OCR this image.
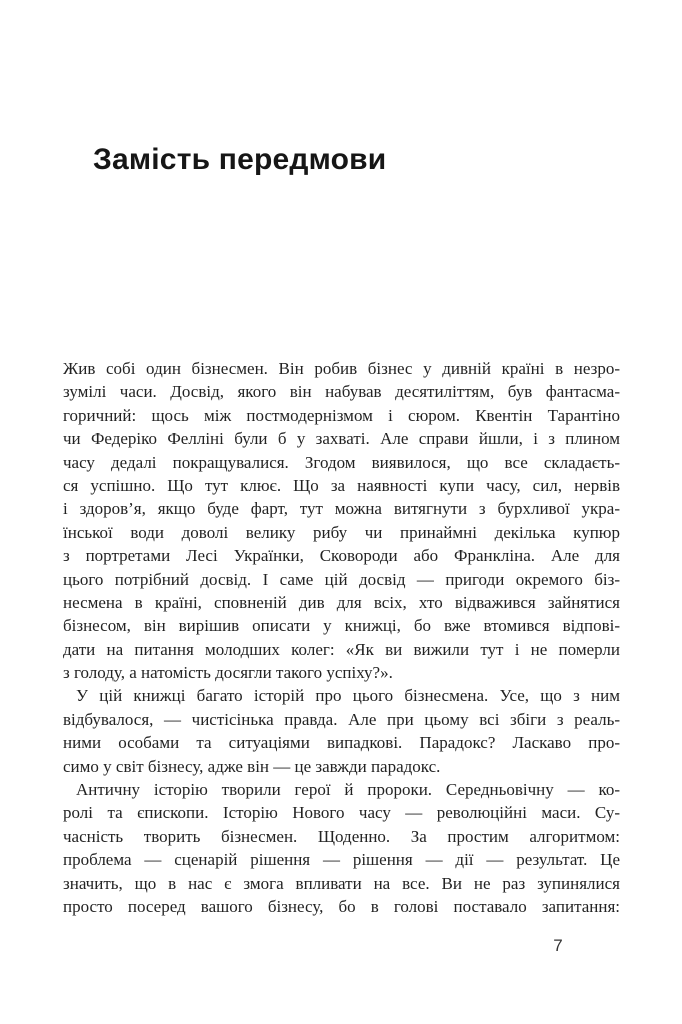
Замість передмови
Жив собі один бізнесмен. Він робив бізнес у дивній країні в незро-
зумілі часи. Досвід, якого він набував десятиліттям, був фантасма-
горичний: щось між постмодернізмом і сюром. Квентін Тарантіно
чи Федеріко Фелліні були б у захваті. Але справи йшли, і з плином
часу дедалі покращувалися. Згодом виявилося, що все складаєть-
ся успішно. Що тут клює. Що за наявності купи часу, сил, нервів
і здоров’я, якщо буде фарт, тут можна витягнути з бурхливої укра-
їнської води доволі велику рибу чи принаймні декілька купюр
з портретами Лесі Українки, Сковороди або Франкліна. Але для
цього потрібний досвід. І саме цій досвід — пригоди окремого біз-
несмена в країні, сповненій див для всіх, хто відважився зайнятися
бізнесом, він вирішив описати у книжці, бо вже втомився відпові-
дати на питання молодших колег: «Як ви вижили тут і не померли
з голоду, а натомість досягли такого успіху?».
У цій книжці багато історій про цього бізнесмена. Усе, що з ним
відбувалося, — чистісінька правда. Але при цьому всі збіги з реаль-
ними особами та ситуаціями випадкові. Парадокс? Ласкаво про-
симо у світ бізнесу, адже він — це завжди парадокс.
Античну історію творили герої й пророки. Середньовічну — ко-
ролі та єпископи. Історію Нового часу — революційні маси. Су-
часність творить бізнесмен. Щоденно. За простим алгоритмом:
проблема — сценарій рішення — рішення — дії — результат. Це
значить, що в нас є змога впливати на все. Ви не раз зупинялися
просто посеред вашого бізнесу, бо в голові поставало запитання:
7
